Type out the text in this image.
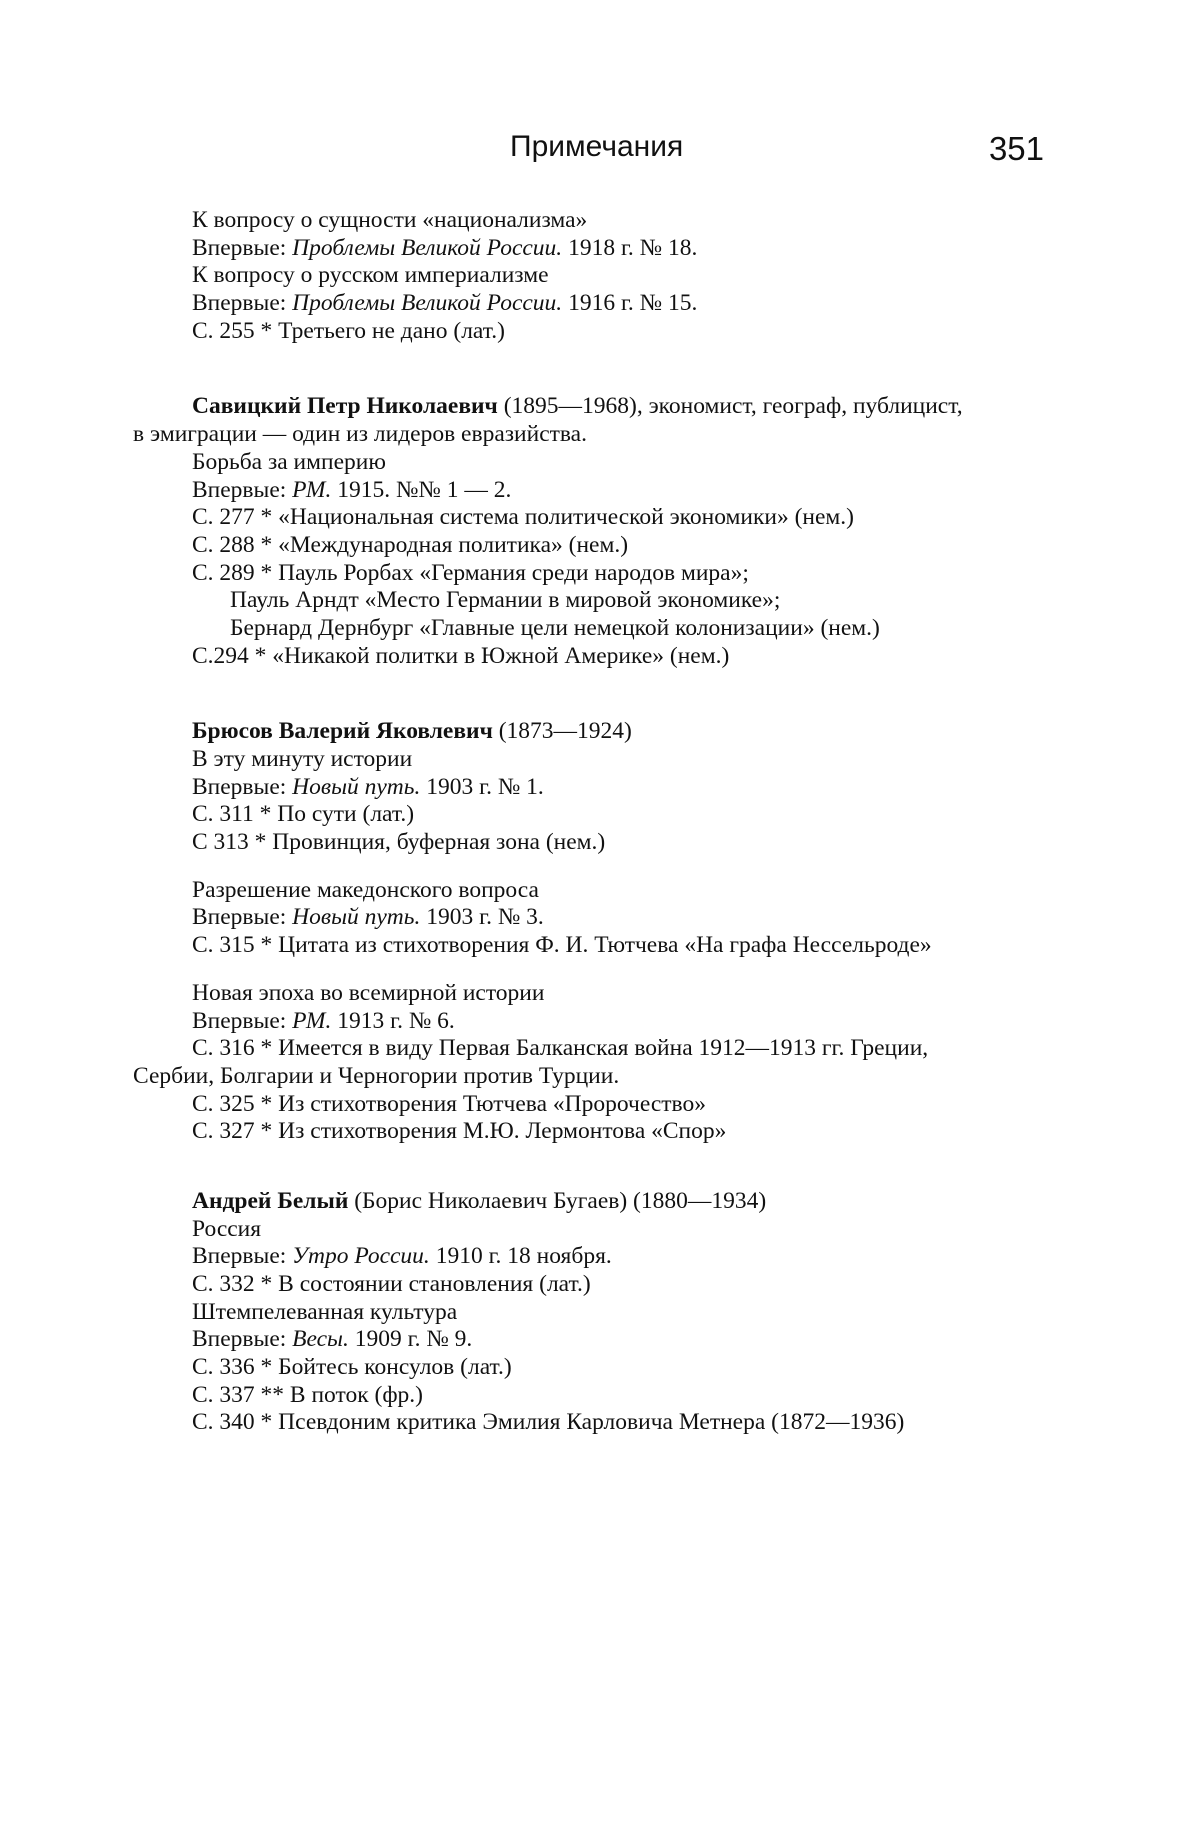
Примечания	351
К вопросу о сущности «национализма»
Впервые: Проблемы Великой России. 1918 г. № 18.
К вопросу о русском империализме
Впервые: Проблемы Великой России. 1916 г. № 15.
С. 255 * Третьего не дано (лат.)
Савицкий Петр Николаевич (1895—1968), экономист, географ, публицист,
в эмиграции — один из лидеров евразийства.
Борьба за империю
Впервые: РМ. 1915. №№ 1 — 2.
С. 277 * «Национальная система политической экономики» (нем.)
С. 288 * «Международная политика» (нем.)
С. 289 * Пауль Рорбах «Германия среди народов мира»;
Пауль Арндт «Место Германии в мировой экономике»;
Бернард Дернбург «Главные цели немецкой колонизации» (нем.)
С.294 * «Никакой политки в Южной Америке» (нем.)
Брюсов Валерий Яковлевич (1873—1924)
В эту минуту истории
Впервые: Новый путь. 1903 г. № 1.
С. 311 * По сути (лат.)
С 313 * Провинция, буферная зона (нем.)
Разрешение македонского вопроса
Впервые: Новый путь. 1903 г. № 3.
С. 315 * Цитата из стихотворения Ф. И. Тютчева «На графа Нессельроде»
Новая эпоха во всемирной истории
Впервые: РМ. 1913 г. № 6.
С. 316 * Имеется в виду Первая Балканская война 1912—1913 гг. Греции,
Сербии, Болгарии и Черногории против Турции.
С. 325 * Из стихотворения Тютчева «Пророчество»
С. 327 * Из стихотворения М.Ю. Лермонтова «Спор»
Андрей Белый (Борис Николаевич Бугаев) (1880—1934)
Россия
Впервые: Утро России. 1910 г. 18 ноября.
С. 332 * В состоянии становления (лат.)
Штемпелеванная культура
Впервые: Весы. 1909 г. № 9.
С. 336 * Бойтесь консулов (лат.)
С. 337 ** В поток (фр.)
С. 340 * Псевдоним критика Эмилия Карловича Метнера (1872—1936)
